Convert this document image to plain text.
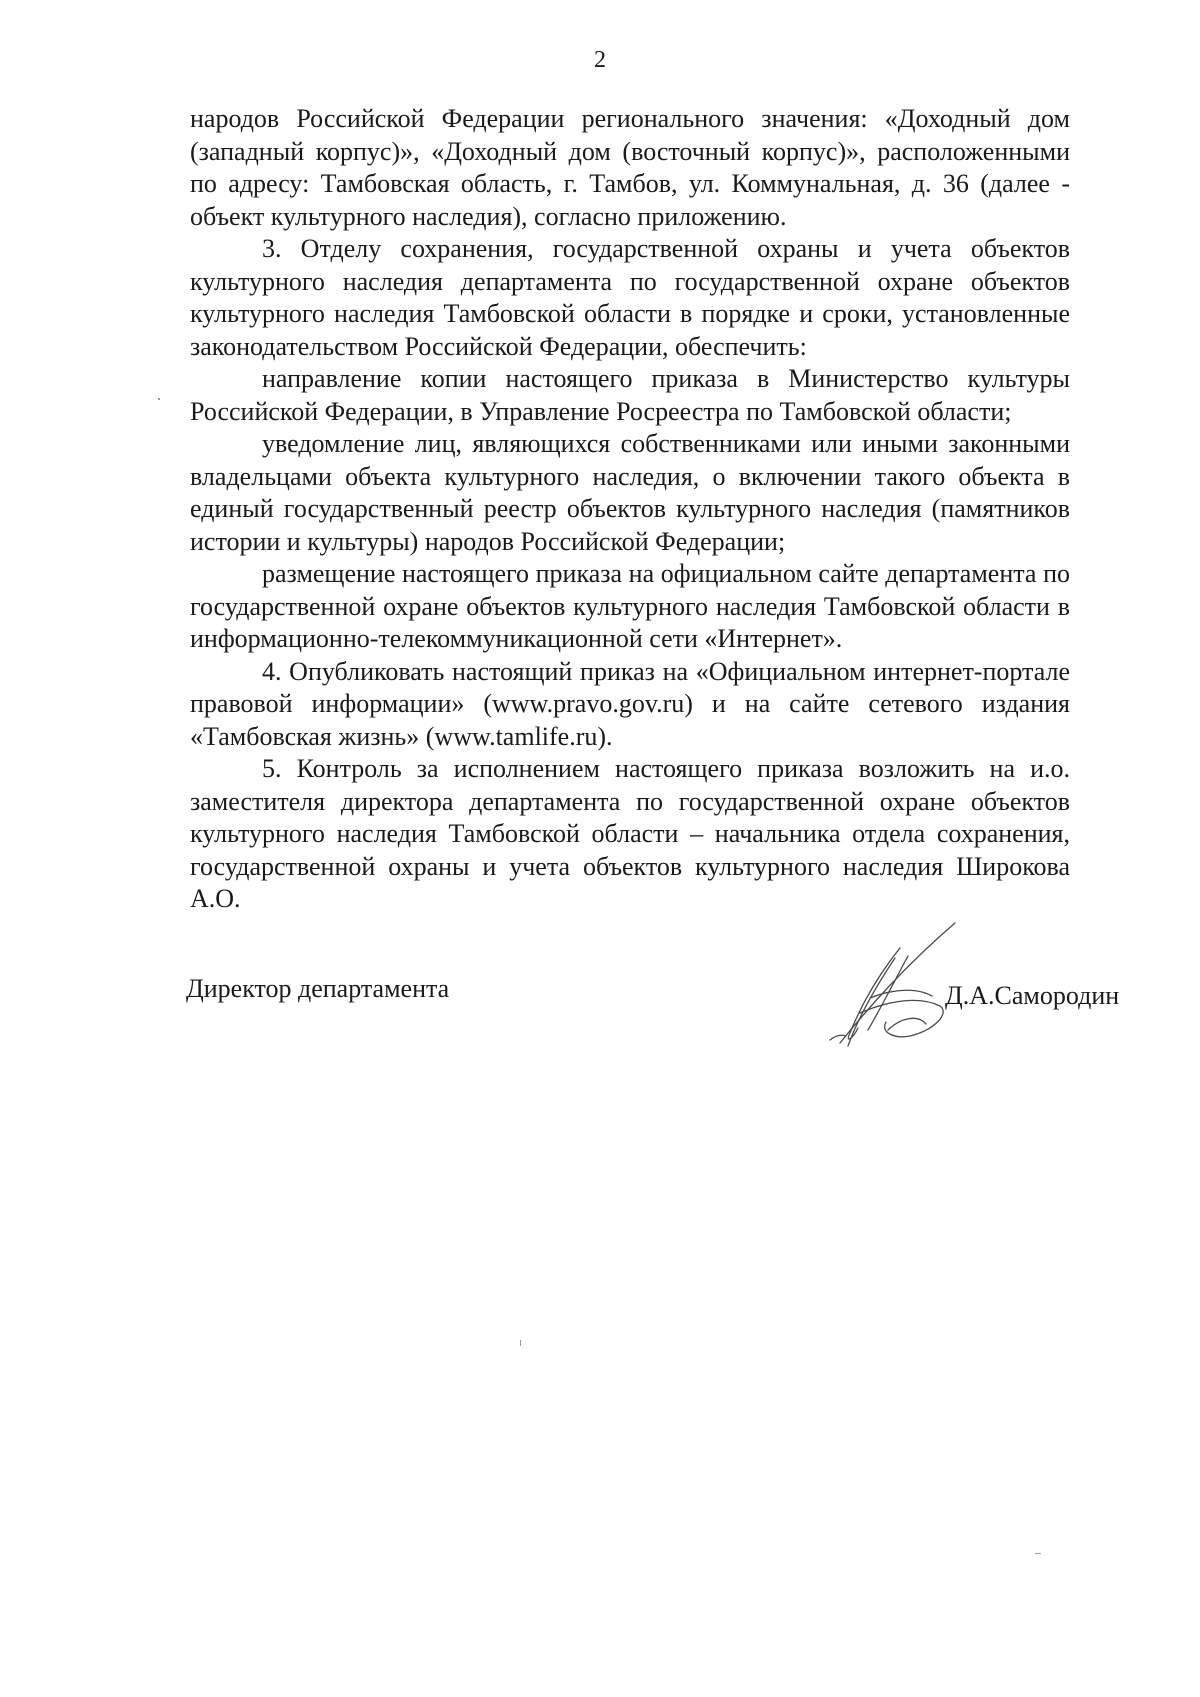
2

народов Российской Федерации регионального значения: «Доходный дом (западный корпус)», «Доходный дом (восточный корпус)», расположенными по адресу: Тамбовская область, г. Тамбов, ул. Коммунальная, д. 36 (далее - объект культурного наследия), согласно приложению.

3. Отделу сохранения, государственной охраны и учета объектов культурного наследия департамента по государственной охране объектов культурного наследия Тамбовской области в порядке и сроки, установленные законодательством Российской Федерации, обеспечить:

направление копии настоящего приказа в Министерство культуры Российской Федерации, в Управление Росреестра по Тамбовской области;

уведомление лиц, являющихся собственниками или иными законными владельцами объекта культурного наследия, о включении такого объекта в единый государственный реестр объектов культурного наследия (памятников истории и культуры) народов Российской Федерации;

размещение настоящего приказа на официальном сайте департамента по государственной охране объектов культурного наследия Тамбовской области в информационно-телекоммуникационной сети «Интернет».

4. Опубликовать настоящий приказ на «Официальном интернет-портале правовой информации» (www.pravo.gov.ru) и на сайте сетевого издания «Тамбовская жизнь» (www.tamlife.ru).

5. Контроль за исполнением настоящего приказа возложить на и.о. заместителя директора департамента по государственной охране объектов культурного наследия Тамбовской области – начальника отдела сохранения, государственной охраны и учета объектов культурного наследия Широкова А.О.

Директор департамента	Д.А.Самородин
